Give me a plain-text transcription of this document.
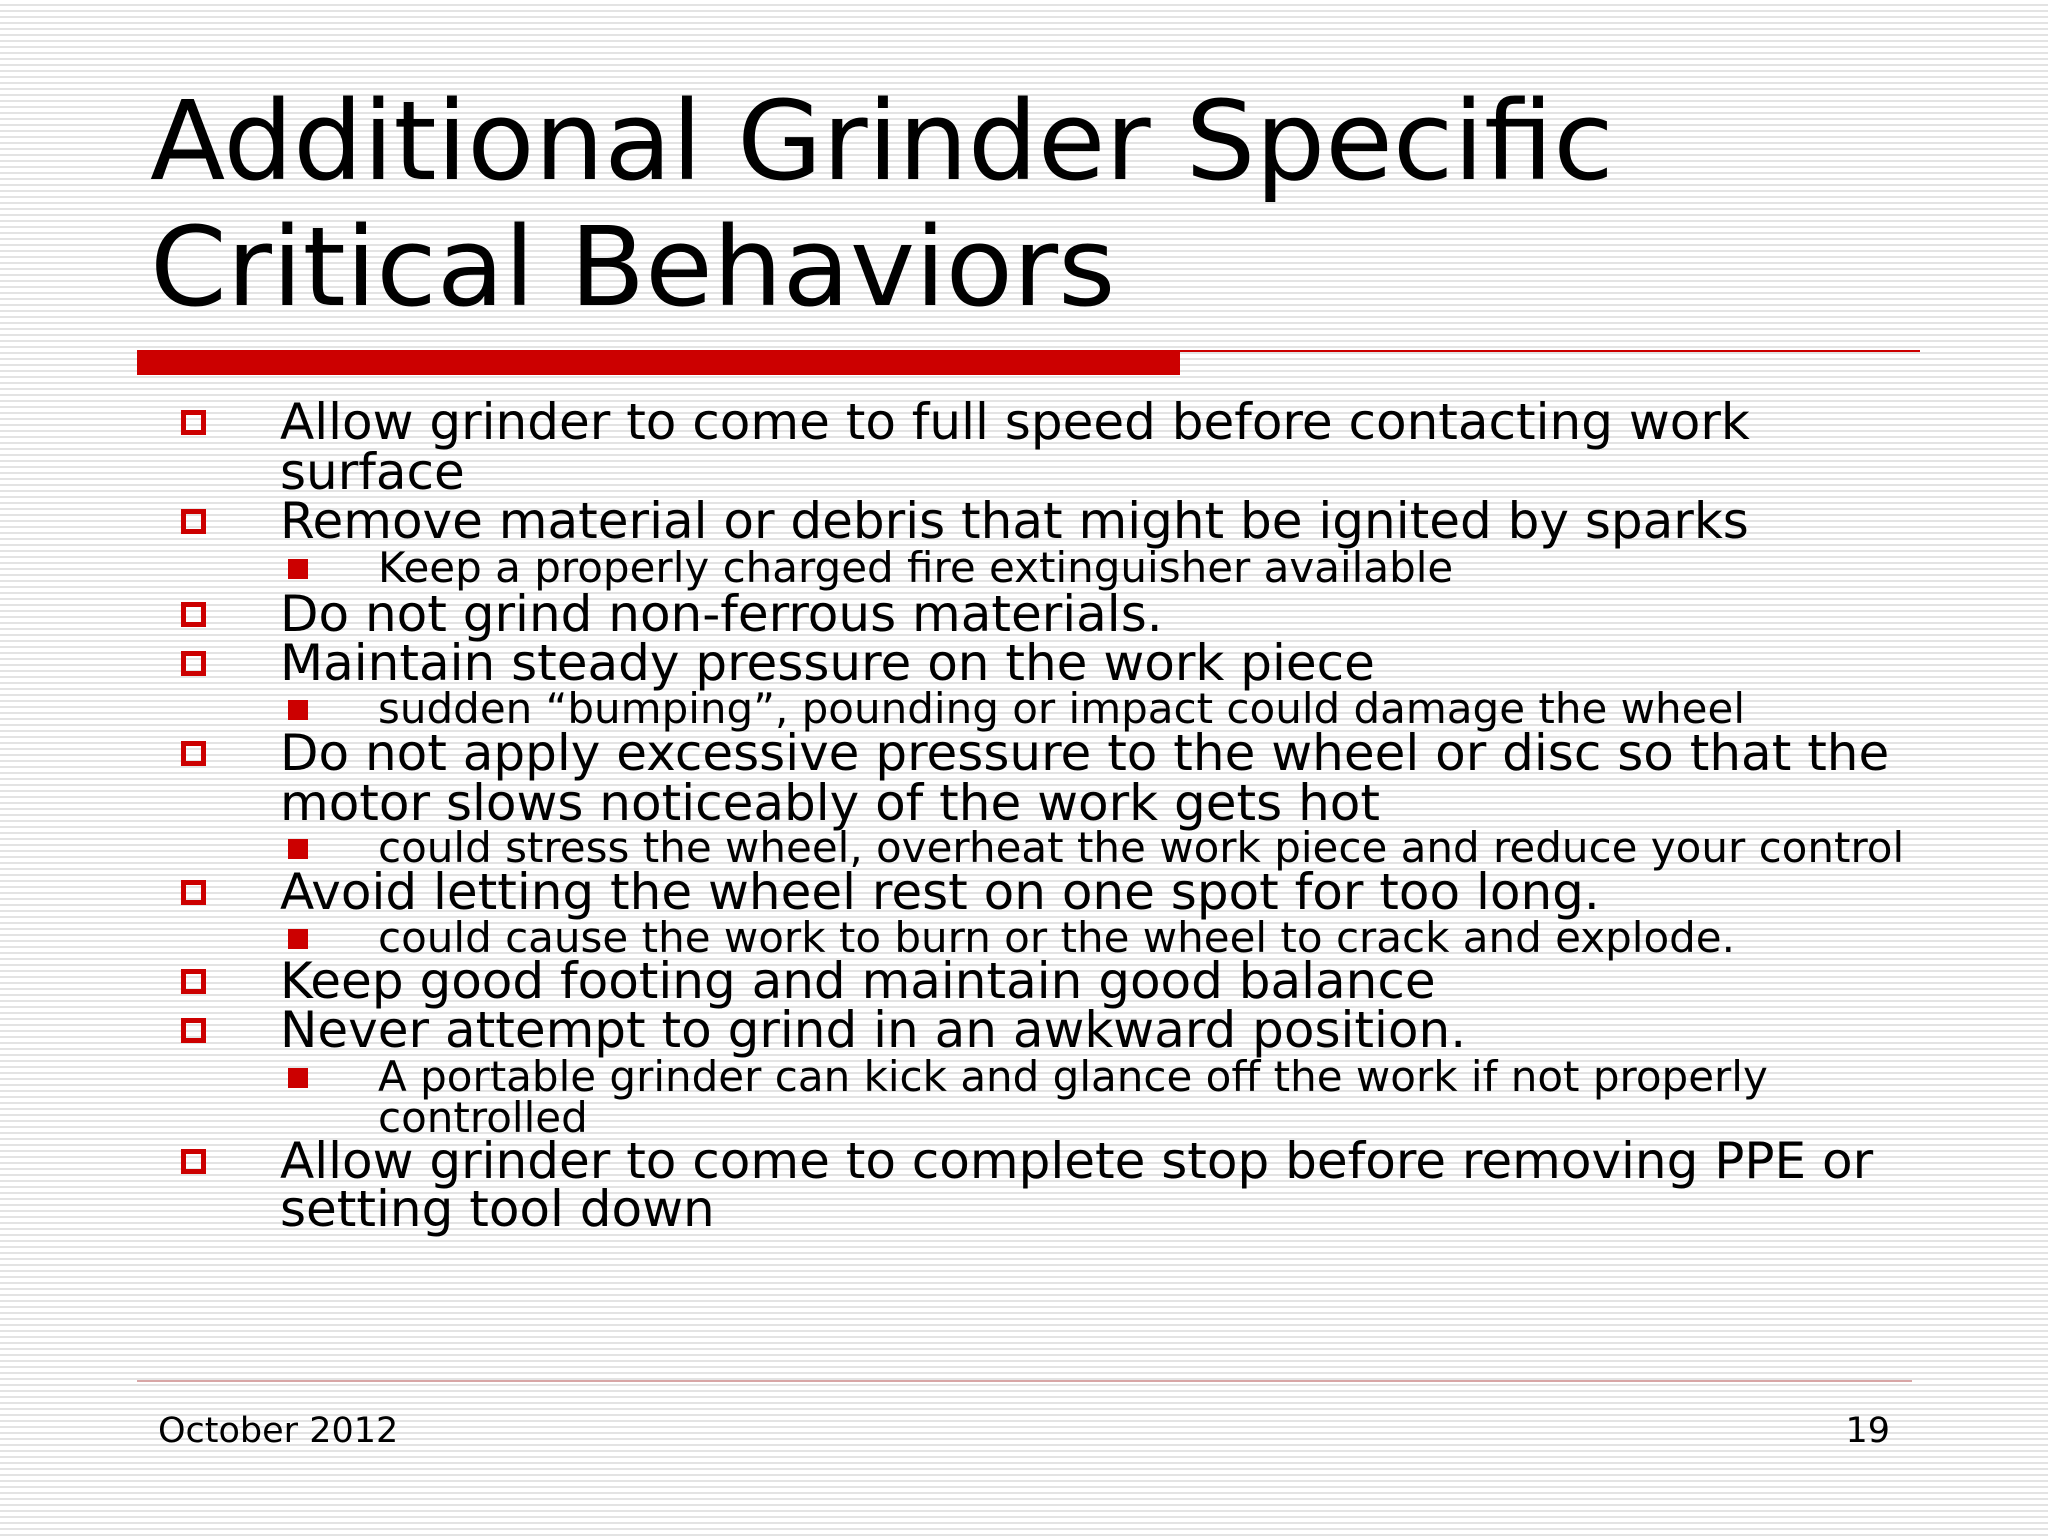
Additional Grinder Specific
Critical Behaviors
Allow grinder to come to full speed before contacting work
surface
Remove material or debris that might be ignited by sparks
Keep a properly charged fire extinguisher available
Do not grind non-ferrous materials.
Maintain steady pressure on the work piece
sudden “bumping”, pounding or impact could damage the wheel
Do not apply excessive pressure to the wheel or disc so that the
motor slows noticeably of the work gets hot
could stress the wheel, overheat the work piece and reduce your control
Avoid letting the wheel rest on one spot for too long.
could cause the work to burn or the wheel to crack and explode.
Keep good footing and maintain good balance
Never attempt to grind in an awkward position.
A portable grinder can kick and glance off the work if not properly
controlled
Allow grinder to come to complete stop before removing PPE or
setting tool down
October 2012	19
